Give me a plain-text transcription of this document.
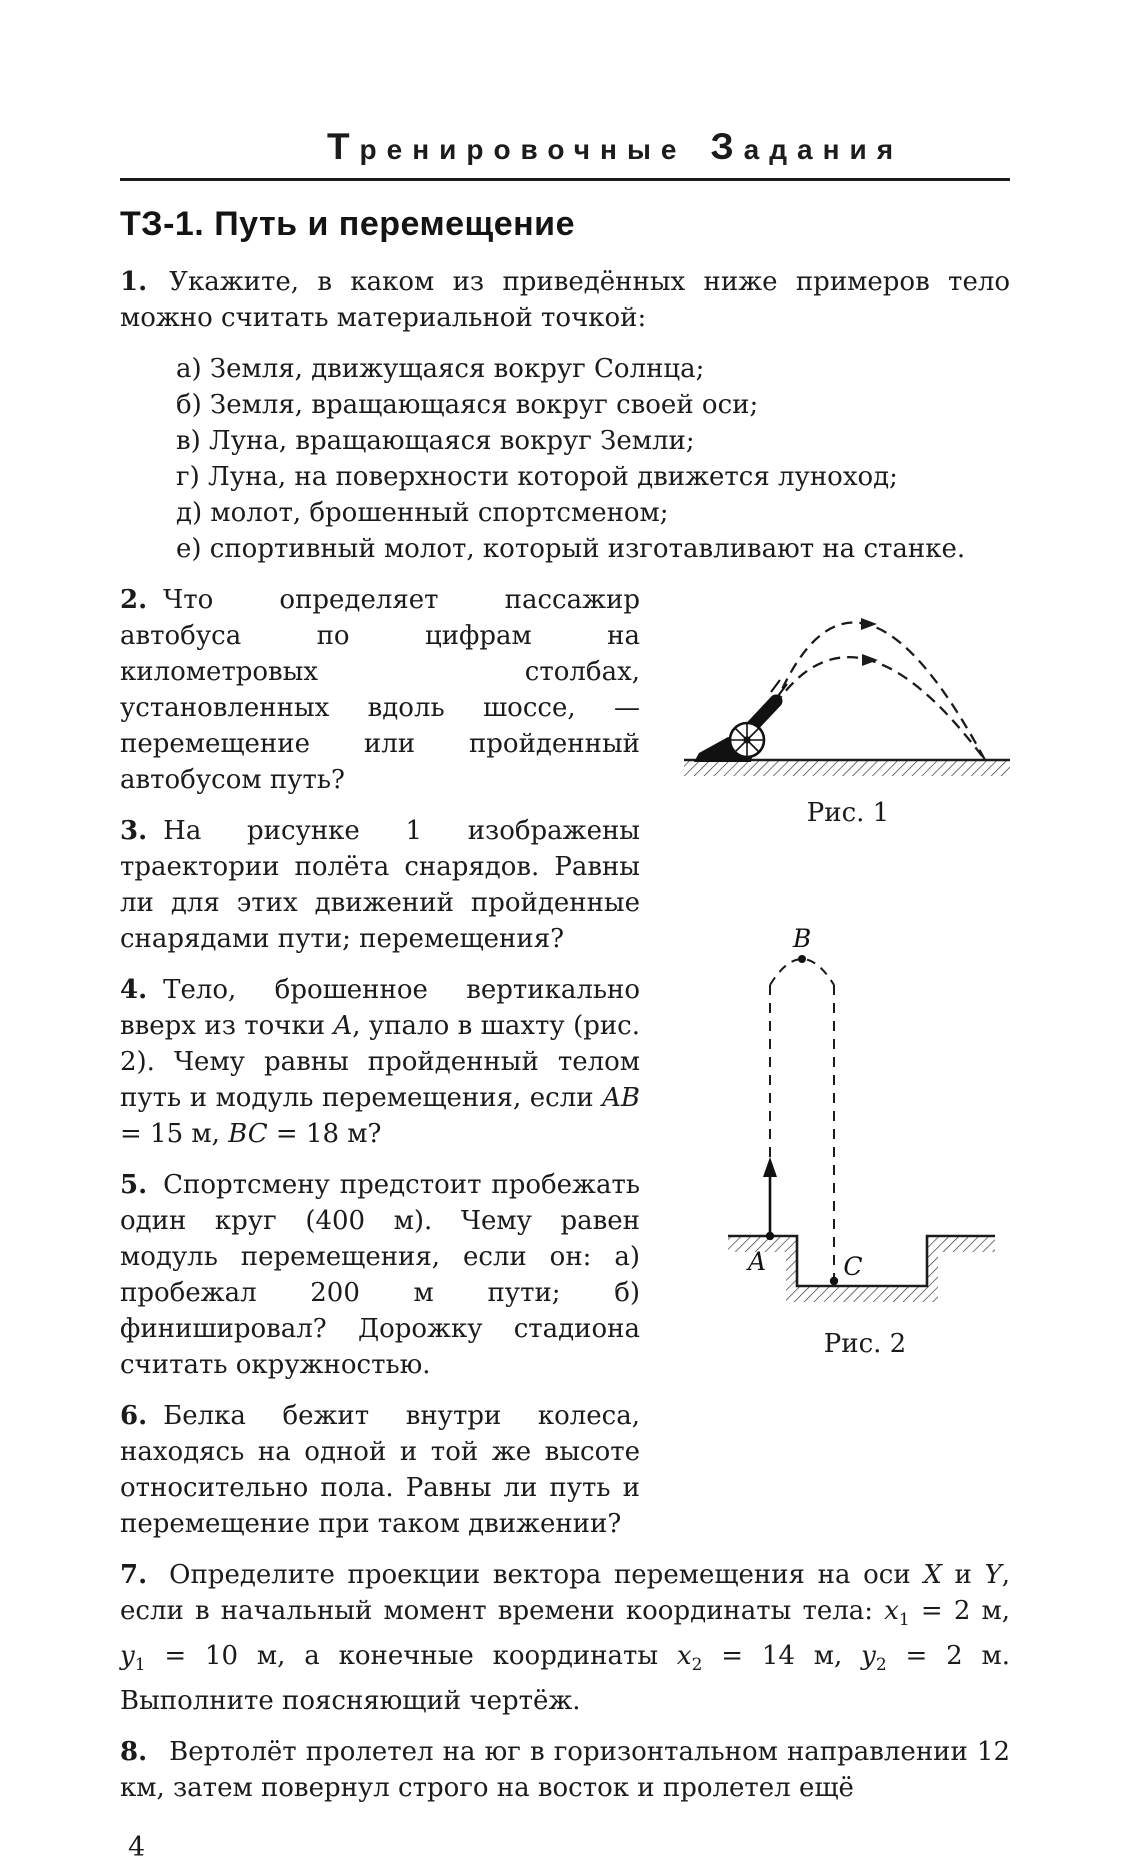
Тренировочные Задания
ТЗ-1. Путь и перемещение

1. Укажите, в каком из приведённых ниже примеров тело можно считать материальной точкой:

а) Земля, движущаяся вокруг Солнца;

б) Земля, вращающаяся вокруг своей оси;

в) Луна, вращающаяся вокруг Земли;

г) Луна, на поверхности которой движется луноход;

д) молот, брошенный спортсменом;

е) спортивный молот, который изготавливают на станке.

2. Что определяет пассажир автобуса по цифрам на километровых столбах, установленных вдоль шоссе, — перемещение или пройденный автобусом путь?

3. На рисунке 1 изображены траектории полёта снарядов. Равны ли для этих движений пройденные снарядами пути; перемещения?

4. Тело, брошенное вертикально вверх из точки A, упало в шахту (рис. 2). Чему равны пройденный телом путь и модуль перемещения, если AB = 15 м, BC = 18 м?

5. Спортсмену предстоит пробежать один круг (400 м). Чему равен модуль перемещения, если он: а) пробежал 200 м пути; б) финишировал? Дорожку стадиона считать окружностью.

6. Белка бежит внутри колеса, находясь на одной и той же высоте относительно пола. Равны ли путь и перемещение при таком движении?

Рис. 1
B
A	C
Рис. 2

7. Определите проекции вектора перемещения на оси X и Y, если в начальный момент времени координаты тела: $x_1 = 2$ м, $y_1 = 10$ м, а конечные координаты $x_2 = 14$ м, $y_2 = 2$ м. Выполните поясняющий чертёж.

8. Вертолёт пролетел на юг в горизонтальном направлении 12 км, затем повернул строго на восток и пролетел ещё

4
